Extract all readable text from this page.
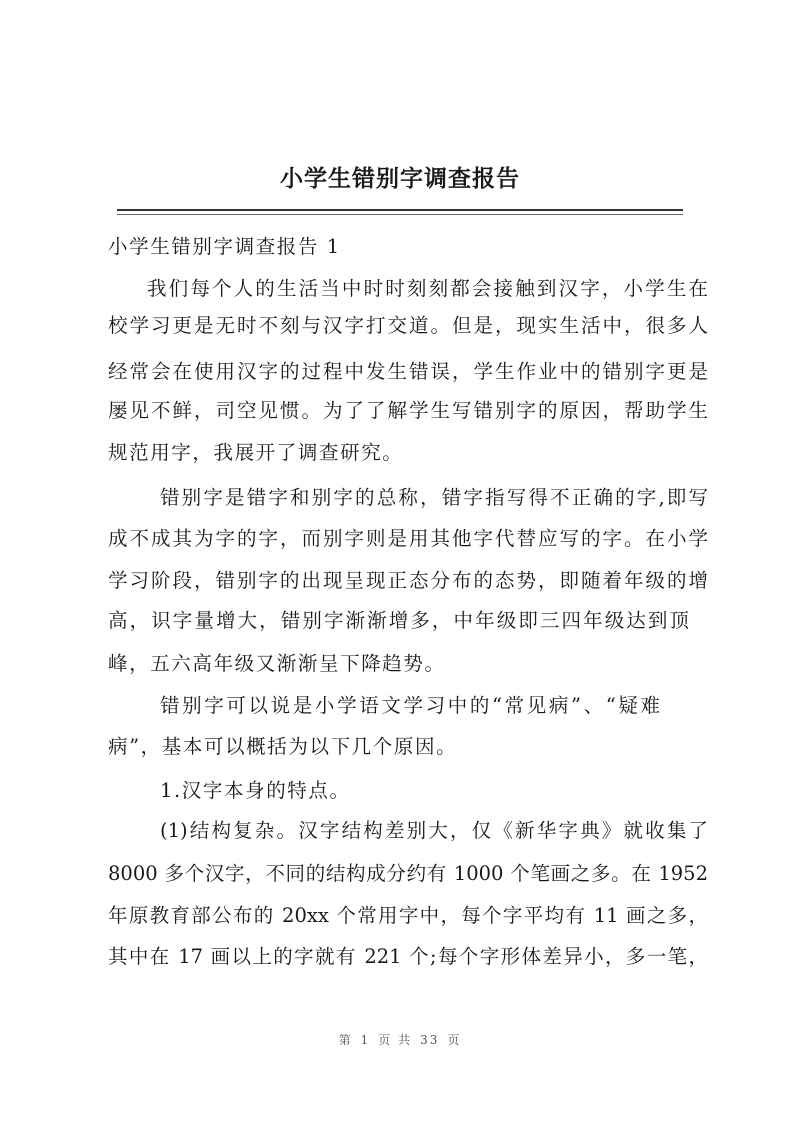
小学生错别字调查报告
小学生错别字调查报告 1
我们每个人的生活当中时时刻刻都会接触到汉字，小学生在
校学习更是无时不刻与汉字打交道。但是，现实生活中，很多人
经常会在使用汉字的过程中发生错误，学生作业中的错别字更是
屡见不鲜，司空见惯。为了了解学生写错别字的原因，帮助学生
规范用字，我展开了调查研究。
错别字是错字和别字的总称，错字指写得不正确的字,即写
成不成其为字的字，而别字则是用其他字代替应写的字。在小学
学习阶段，错别字的出现呈现正态分布的态势，即随着年级的增
高，识字量增大，错别字渐渐增多，中年级即三四年级达到顶
峰，五六高年级又渐渐呈下降趋势。
错别字可以说是小学语文学习中的“常见病”、“疑难
病”，基本可以概括为以下几个原因。
1.汉字本身的特点。
(1)结构复杂。汉字结构差别大，仅《新华字典》就收集了
8000 多个汉字，不同的结构成分约有 1000 个笔画之多。在 1952
年原教育部公布的 20xx 个常用字中，每个字平均有 11 画之多，
其中在 17 画以上的字就有 221 个;每个字形体差异小，多一笔，
第 1 页 共 33 页
